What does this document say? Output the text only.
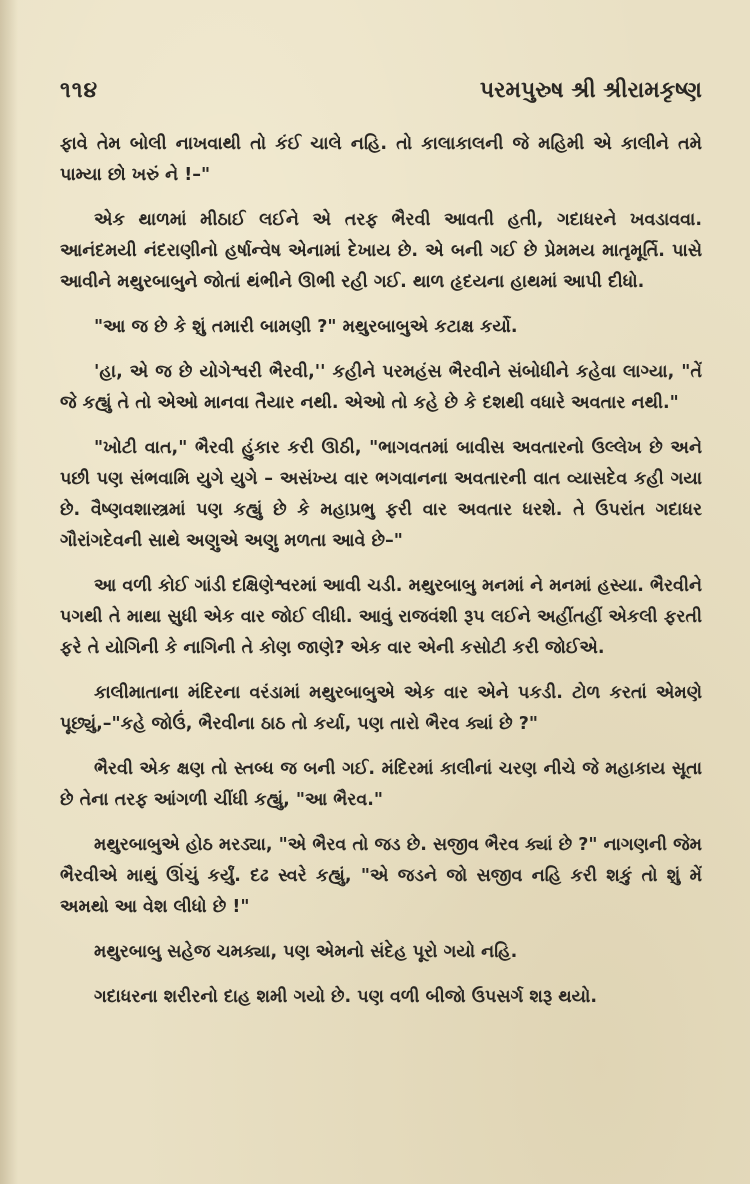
૧૧૪	પરમપુરુષ શ્રી શ્રીરામકૃષ્ણ

ફાવે તેમ બોલી નાખવાથી તો કંઈ ચાલે નહિ. તો કાલાકાલની જે મહિમી એ કાલીને તમે પામ્યા છો ખરું ને !–"

એક થાળમાં મીઠાઈ લઈને એ તરફ ભૈરવી આવતી હતી, ગદાધરને ખવડાવવા. આનંદમયી નંદરાણીનો હર્ષાન્વેષ એનામાં દેખાય છે. એ બની ગઈ છે પ્રેમમય માતૃમૂર્તિ. પાસે આવીને મથુરબાબુને જોતાં થંભીને ઊભી રહી ગઈ. થાળ હૃદયના હાથમાં આપી દીધો.

"આ જ છે કે શું તમારી બામણી ?" મથુરબાબુએ કટાક્ષ કર્યો.

'હા, એ જ છે યોગેશ્વરી ભૈરવી,'' કહીને પરમહંસ ભૈરવીને સંબોધીને કહેવા લાગ્યા, "તેં જે કહ્યું તે તો એઓ માનવા તૈયાર નથી. એઓ તો કહે છે કે દશથી વધારે અવતાર નથી."

"ખોટી વાત," ભૈરવી હુંકાર કરી ઊઠી, "ભાગવતમાં બાવીસ અવતારનો ઉલ્લેખ છે અને પછી પણ સંભવામિ યુગે યુગે – અસંખ્ય વાર ભગવાનના અવતારની વાત વ્યાસદેવ કહી ગયા છે. વૈષ્ણવશાસ્ત્રમાં પણ કહ્યું છે કે મહાપ્રભુ ફરી વાર અવતાર ધરશે. તે ઉપરાંત ગદાધર ગૌરાંગદેવની સાથે અણુએ અણુ મળતા આવે છે–"

આ વળી કોઈ ગાંડી દક્ષિણેશ્વરમાં આવી ચડી. મથુરબાબુ મનમાં ને મનમાં હસ્યા. ભૈરવીને પગથી તે માથા સુધી એક વાર જોઈ લીધી. આવું રાજવંશી રૂપ લઈને અહીંતહીં એકલી ફરતી ફરે તે યોગિની કે નાગિની તે કોણ જાણે? એક વાર એની કસોટી કરી જોઈએ.

કાલીમાતાના મંદિરના વરંડામાં મથુરબાબુએ એક વાર એને પકડી. ટોળ કરતાં એમણે પૂછ્યું,–"કહે જોઉં, ભૈરવીના ઠાઠ તો કર્યા, પણ તારો ભૈરવ ક્યાં છે ?"

ભૈરવી એક ક્ષણ તો સ્તબ્ધ જ બની ગઈ. મંદિરમાં કાલીનાં ચરણ નીચે જે મહાકાય સૂતા છે તેના તરફ આંગળી ચીંધી કહ્યું, "આ ભૈરવ."

મથુરબાબુએ હોઠ મરડ્યા, "એ ભૈરવ તો જડ છે. સજીવ ભૈરવ ક્યાં છે ?" નાગણની જેમ ભૈરવીએ માથું ઊંચું કર્યું. દઢ સ્વરે કહ્યું, "એ જડને જો સજીવ નહિ કરી શકું તો શું મેં અમથો આ વેશ લીધો છે !"

મથુરબાબુ સહેજ ચમક્યા, પણ એમનો સંદેહ પૂરો ગયો નહિ.

ગદાધરના શરીરનો દાહ શમી ગયો છે. પણ વળી બીજો ઉપસર્ગ શરૂ થયો.
